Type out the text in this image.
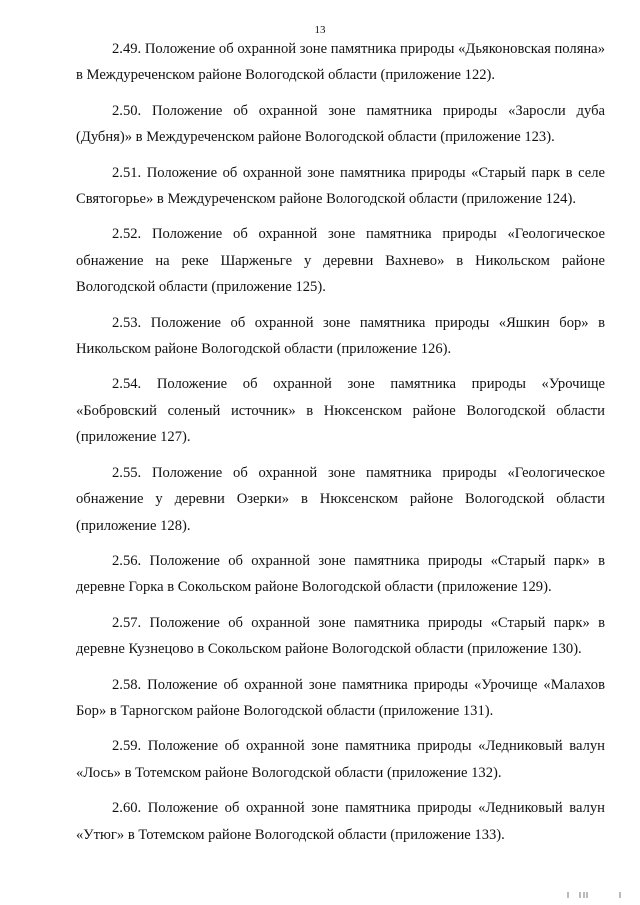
13

2.49. Положение об охранной зоне памятника природы «Дьяконовская поляна» в Междуреченском районе Вологодской области (приложение 122).

2.50. Положение об охранной зоне памятника природы «Заросли дуба (Дубня)» в Междуреченском районе Вологодской области (приложение 123).

2.51. Положение об охранной зоне памятника природы «Старый парк в селе Святогорье» в Междуреченском районе Вологодской области (приложение 124).

2.52. Положение об охранной зоне памятника природы «Геологическое обнажение на реке Шарженьге у деревни Вахнево» в Никольском районе Вологодской области (приложение 125).

2.53. Положение об охранной зоне памятника природы «Яшкин бор» в Никольском районе Вологодской области (приложение 126).

2.54. Положение об охранной зоне памятника природы «Урочище «Бобровский соленый источник» в Нюксенском районе Вологодской области (приложение 127).

2.55. Положение об охранной зоне памятника природы «Геологическое обнажение у деревни Озерки» в Нюксенском районе Вологодской области (приложение 128).

2.56. Положение об охранной зоне памятника природы «Старый парк» в деревне Горка в Сокольском районе Вологодской области (приложение 129).

2.57. Положение об охранной зоне памятника природы «Старый парк» в деревне Кузнецово в Сокольском районе Вологодской области (приложение 130).

2.58. Положение об охранной зоне памятника природы «Урочище «Малахов Бор» в Тарногском районе Вологодской области (приложение 131).

2.59. Положение об охранной зоне памятника природы «Ледниковый валун «Лось» в Тотемском районе Вологодской области (приложение 132).

2.60. Положение об охранной зоне памятника природы «Ледниковый валун «Утюг» в Тотемском районе Вологодской области (приложение 133).
